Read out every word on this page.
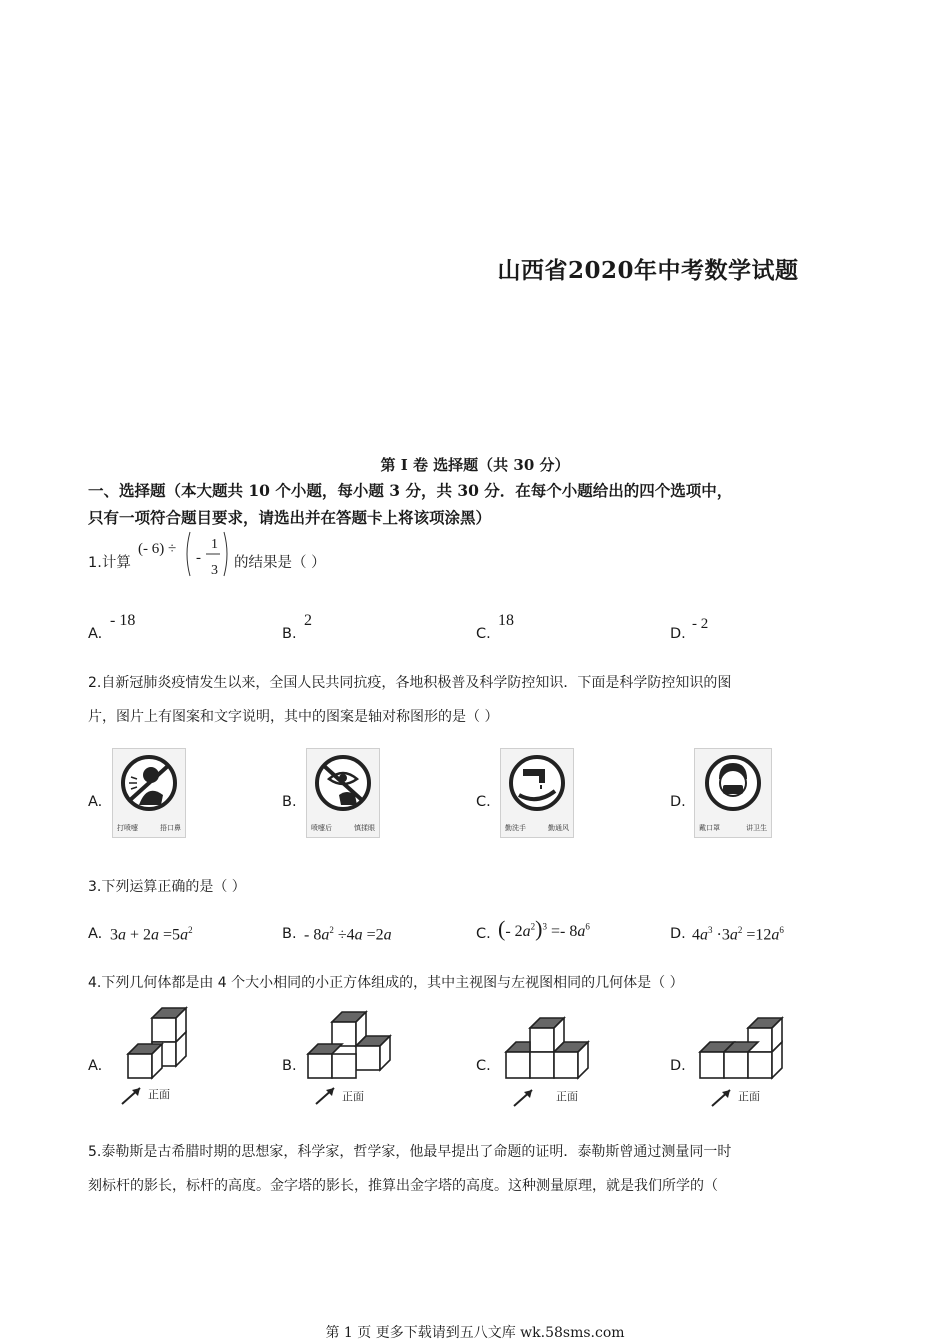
山西省2020年中考数学试题
第 I 卷 选择题（共 30 分）
一、选择题（本大题共 10 个小题，每小题 3 分，共 30 分．在每个小题给出的四个选项中，
只有一项符合题目要求，请选出并在答题卡上将该项涂黑）
1.计算
(- 6) ÷
-
1
3 的结果是（ ）
A.
- 18
B.
2
C.
18
D.
- 2
2.自新冠肺炎疫情发生以来，全国人民共同抗疫，各地积极普及科学防控知识．下面是科学防控知识的图
片，图片上有图案和文字说明，其中的图案是轴对称图形的是（ ）
A.
打喷嚏	捂口鼻
B.
喷嚏后	慎揉眼
C.
勤洗手	勤通风
D.
戴口罩	讲卫生
3.下列运算正确的是（ ）
A. $3a + 2a =5a^2$	B. - $8a^2 \div 4a =2a$	C. (- $2a^2)^3 =- 8a^6$	D. $4a^3 \cdot 3a^2 =12a^6$
4.下列几何体都是由 4 个大小相同的小正方体组成的，其中主视图与左视图相同的几何体是（ ）
A.
正面
B.
正面
C.
正面
D.
正面
5.泰勒斯是古希腊时期的思想家，科学家，哲学家，他最早提出了命题的证明．泰勒斯曾通过测量同一时
刻标杆的影长，标杆的高度。金字塔的影长，推算出金字塔的高度。这种测量原理，就是我们所学的（
第 1 页 更多下载请到五八文库 wk.58sms.com
